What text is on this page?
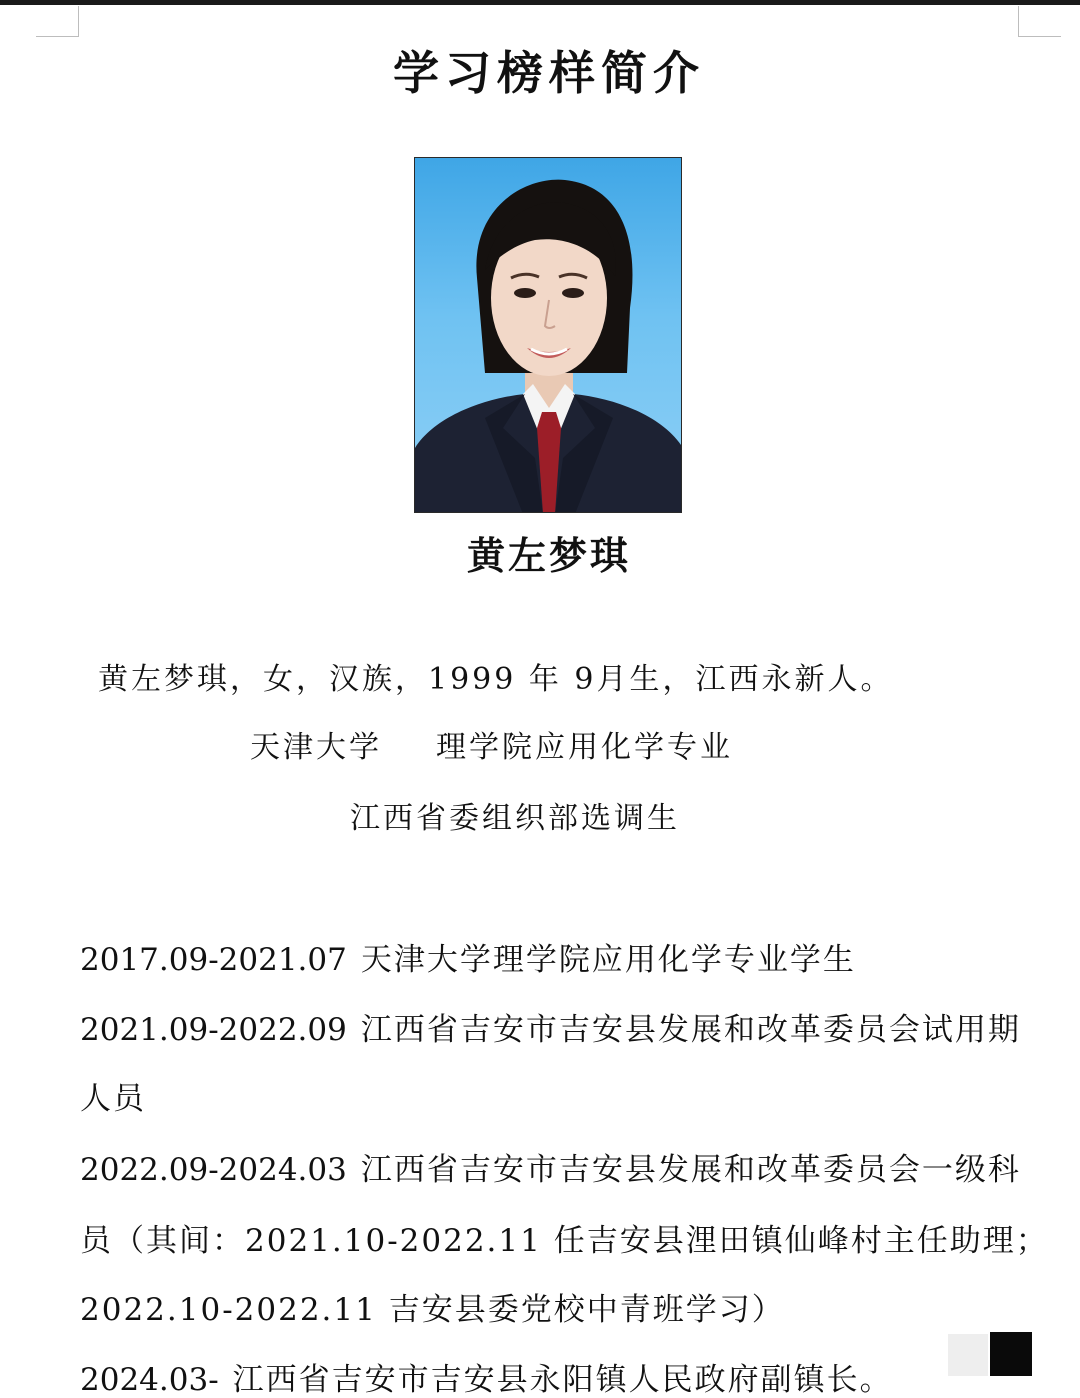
学习榜样简介
黄左梦琪
黄左梦琪，女，汉族，1999 年 9月生，江西永新人。
天津大学 理学院应用化学专业
江西省委组织部选调生
2017.09-2021.07 天津大学理学院应用化学专业学生
2021.09-2022.09 江西省吉安市吉安县发展和改革委员会试用期
人员
2022.09-2024.03 江西省吉安市吉安县发展和改革委员会一级科
员（其间：2021.10-2022.11 任吉安县浬田镇仙峰村主任助理；
2022.10-2022.11 吉安县委党校中青班学习）
2024.03- 江西省吉安市吉安县永阳镇人民政府副镇长。
